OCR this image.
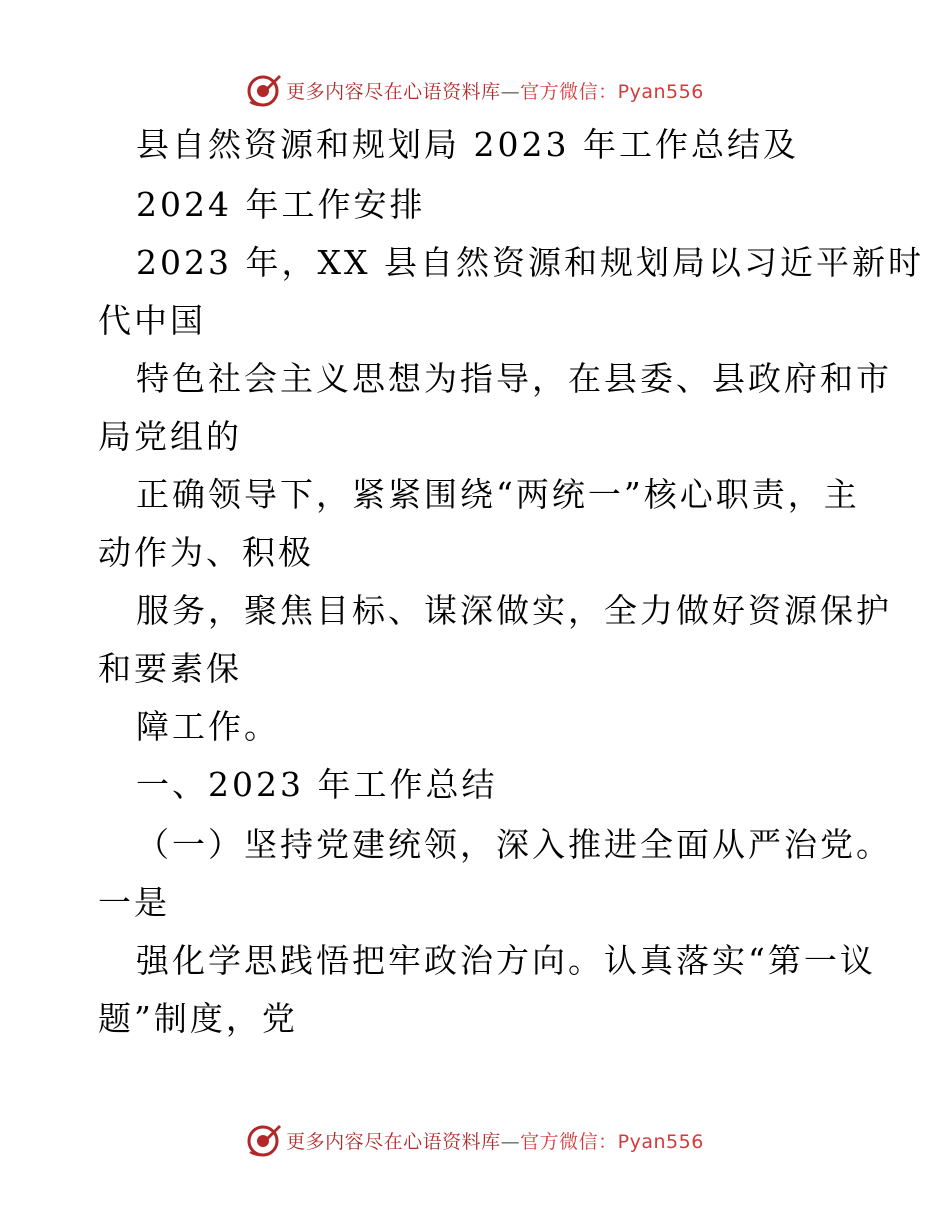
更多内容尽在心语资料库—官方微信：Pyan556
县自然资源和规划局 2023 年工作总结及
2024 年工作安排
2023 年，XX 县自然资源和规划局以习近平新时
代中国
特色社会主义思想为指导，在县委、县政府和市
局党组的
正确领导下，紧紧围绕“两统一”核心职责，主
动作为、积极
服务，聚焦目标、谋深做实，全力做好资源保护
和要素保
障工作。
一、2023 年工作总结
（一）坚持党建统领，深入推进全面从严治党。
一是
强化学思践悟把牢政治方向。认真落实“第一议
题”制度，党
更多内容尽在心语资料库—官方微信：Pyan556
